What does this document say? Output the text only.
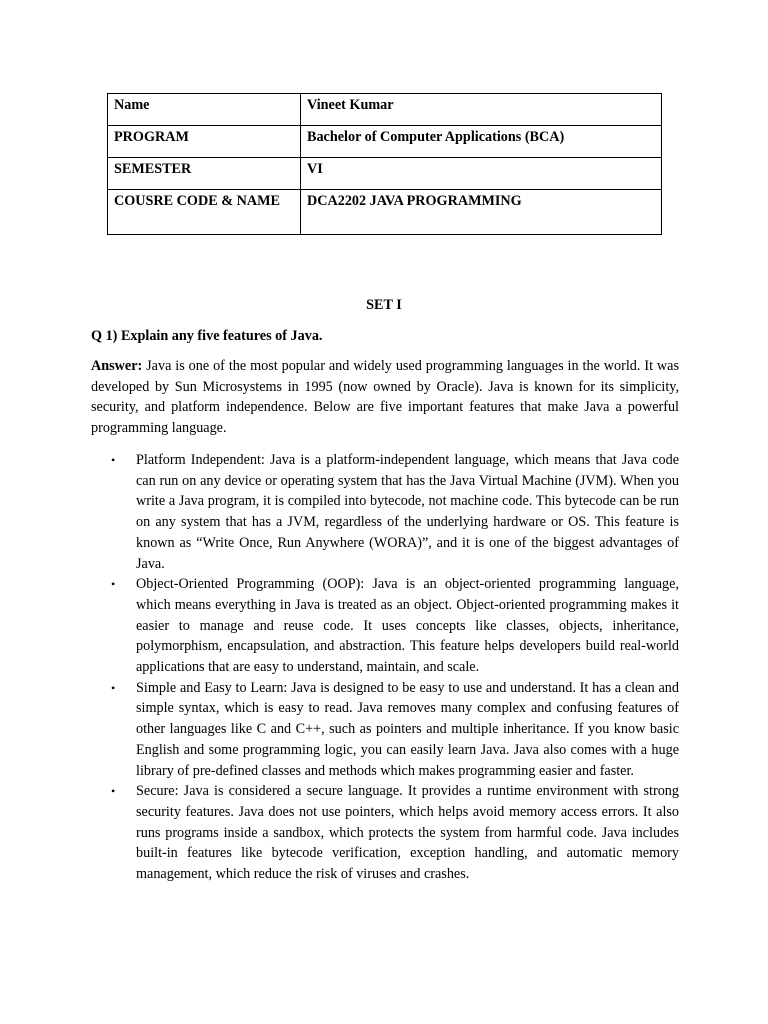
Name	Vineet Kumar
PROGRAM	Bachelor of Computer Applications (BCA)
SEMESTER	VI
COUSRE CODE & NAME	DCA2202 JAVA PROGRAMMING
SET I
Q 1) Explain any five features of Java.
Answer: Java is one of the most popular and widely used programming languages in the world. It was developed by Sun Microsystems in 1995 (now owned by Oracle). Java is known for its simplicity, security, and platform independence. Below are five important features that make Java a powerful programming language.
• Platform Independent: Java is a platform-independent language, which means that Java code can run on any device or operating system that has the Java Virtual Machine (JVM). When you write a Java program, it is compiled into bytecode, not machine code. This bytecode can be run on any system that has a JVM, regardless of the underlying hardware or OS. This feature is known as “Write Once, Run Anywhere (WORA)”, and it is one of the biggest advantages of Java.
• Object-Oriented Programming (OOP): Java is an object-oriented programming language, which means everything in Java is treated as an object. Object-oriented programming makes it easier to manage and reuse code. It uses concepts like classes, objects, inheritance, polymorphism, encapsulation, and abstraction. This feature helps developers build real-world applications that are easy to understand, maintain, and scale.
• Simple and Easy to Learn: Java is designed to be easy to use and understand. It has a clean and simple syntax, which is easy to read. Java removes many complex and confusing features of other languages like C and C++, such as pointers and multiple inheritance. If you know basic English and some programming logic, you can easily learn Java. Java also comes with a huge library of pre-defined classes and methods which makes programming easier and faster.
• Secure: Java is considered a secure language. It provides a runtime environment with strong security features. Java does not use pointers, which helps avoid memory access errors. It also runs programs inside a sandbox, which protects the system from harmful code. Java includes built-in features like bytecode verification, exception handling, and automatic memory management, which reduce the risk of viruses and crashes.
